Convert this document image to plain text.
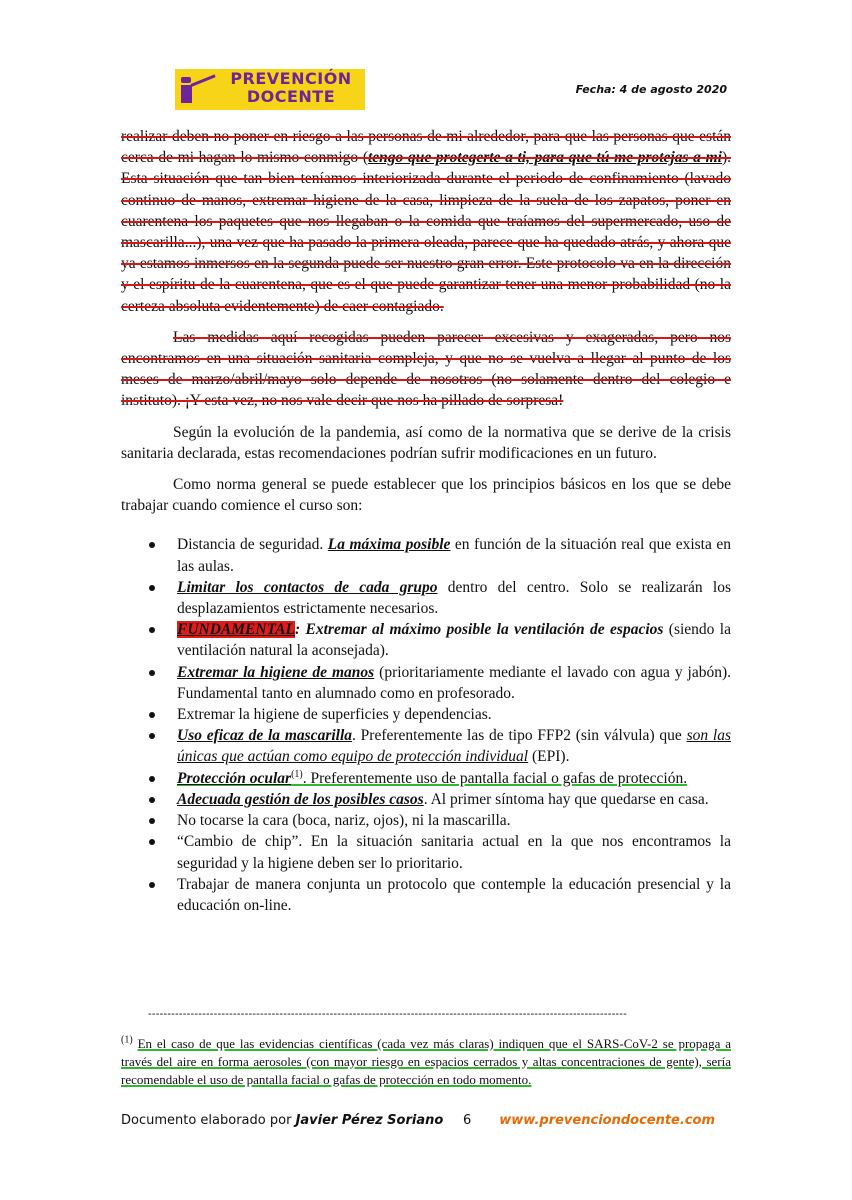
PREVENCIÓN
DOCENTE	Fecha: 4 de agosto 2020

realizar deben no poner en riesgo a las personas de mi alrededor, para que las personas que están cerca de mi hagan lo mismo conmigo (tengo que protegerte a ti, para que tú me protejas a mi). Esta situación que tan bien teníamos interiorizada durante el periodo de confinamiento (lavado continuo de manos, extremar higiene de la casa, limpieza de la suela de los zapatos, poner en cuarentena los paquetes que nos llegaban o la comida que traíamos del supermercado, uso de mascarilla...), una vez que ha pasado la primera oleada, parece que ha quedado atrás, y ahora que ya estamos inmersos en la segunda puede ser nuestro gran error. Este protocolo va en la dirección y el espíritu de la cuarentena, que es el que puede garantizar tener una menor probabilidad (no la certeza absoluta evidentemente) de caer contagiado.

Las medidas aquí recogidas pueden parecer excesivas y exageradas, pero nos encontramos en una situación sanitaria compleja, y que no se vuelva a llegar al punto de los meses de marzo/abril/mayo solo depende de nosotros (no solamente dentro del colegio e instituto). ¡Y esta vez, no nos vale decir que nos ha pillado de sorpresa!

Según la evolución de la pandemia, así como de la normativa que se derive de la crisis sanitaria declarada, estas recomendaciones podrían sufrir modificaciones en un futuro.

Como norma general se puede establecer que los principios básicos en los que se debe trabajar cuando comience el curso son:

Distancia de seguridad. La máxima posible en función de la situación real que exista en las aulas.
Limitar los contactos de cada grupo dentro del centro. Solo se realizarán los desplazamientos estrictamente necesarios.
FUNDAMENTAL: Extremar al máximo posible la ventilación de espacios (siendo la ventilación natural la aconsejada).
Extremar la higiene de manos (prioritariamente mediante el lavado con agua y jabón). Fundamental tanto en alumnado como en profesorado.
Extremar la higiene de superficies y dependencias.
Uso eficaz de la mascarilla. Preferentemente las de tipo FFP2 (sin válvula) que son las únicas que actúan como equipo de protección individual (EPI).
Protección ocular$^{(1)}$. Preferentemente uso de pantalla facial o gafas de protección.
Adecuada gestión de los posibles casos. Al primer síntoma hay que quedarse en casa.
No tocarse la cara (boca, nariz, ojos), ni la mascarilla.
“Cambio de chip”. En la situación sanitaria actual en la que nos encontramos la seguridad y la higiene deben ser lo prioritario.
Trabajar de manera conjunta un protocolo que contemple la educación presencial y la educación on-line.
----------------------------------------------------------------------------------------------------------------------------
$^{(1)}$ En el caso de que las evidencias científicas (cada vez más claras) indiquen que el SARS-CoV-2 se propaga a través del aire en forma aerosoles (con mayor riesgo en espacios cerrados y altas concentraciones de gente), sería recomendable el uso de pantalla facial o gafas de protección en todo momento.
Documento elaborado por Javier Pérez Soriano 6 www.prevenciondocente.com
